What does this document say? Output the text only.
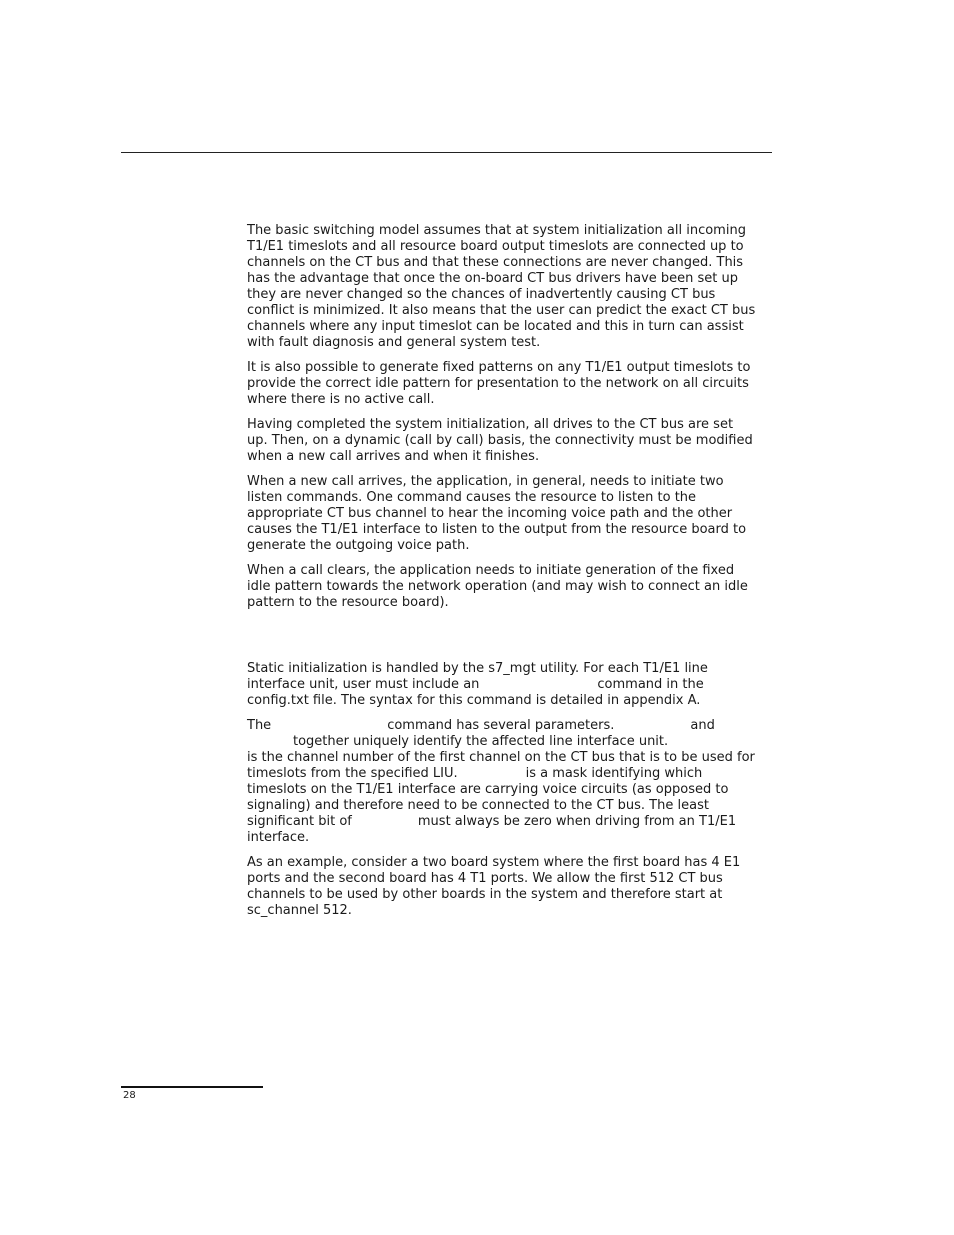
The basic switching model assumes that at system initialization all incoming
T1/E1 timeslots and all resource board output timeslots are connected up to
channels on the CT bus and that these connections are never changed. This
has the advantage that once the on-board CT bus drivers have been set up
they are never changed so the chances of inadvertently causing CT bus
conflict is minimized. It also means that the user can predict the exact CT bus
channels where any input timeslot can be located and this in turn can assist
with fault diagnosis and general system test.

It is also possible to generate fixed patterns on any T1/E1 output timeslots to
provide the correct idle pattern for presentation to the network on all circuits
where there is no active call.

Having completed the system initialization, all drives to the CT bus are set
up. Then, on a dynamic (call by call) basis, the connectivity must be modified
when a new call arrives and when it finishes.

When a new call arrives, the application, in general, needs to initiate two
listen commands. One command causes the resource to listen to the
appropriate CT bus channel to hear the incoming voice path and the other
causes the T1/E1 interface to listen to the output from the resource board to
generate the outgoing voice path.

When a call clears, the application needs to initiate generation of the fixed
idle pattern towards the network operation (and may wish to connect an idle
pattern to the resource board).

Static initialization is handled by the s7_mgt utility. For each T1/E1 line
interface unit, user must include an	command in the
config.txt file. The syntax for this command is detailed in appendix A.

The	command has several parameters.	and
together uniquely identify the affected line interface unit.
is the channel number of the first channel on the CT bus that is to be used for
timeslots from the specified LIU.	is a mask identifying which
timeslots on the T1/E1 interface are carrying voice circuits (as opposed to
signaling) and therefore need to be connected to the CT bus. The least
significant bit of	must always be zero when driving from an T1/E1
interface.

As an example, consider a two board system where the first board has 4 E1
ports and the second board has 4 T1 ports. We allow the first 512 CT bus
channels to be used by other boards in the system and therefore start at
sc_channel 512.

28
